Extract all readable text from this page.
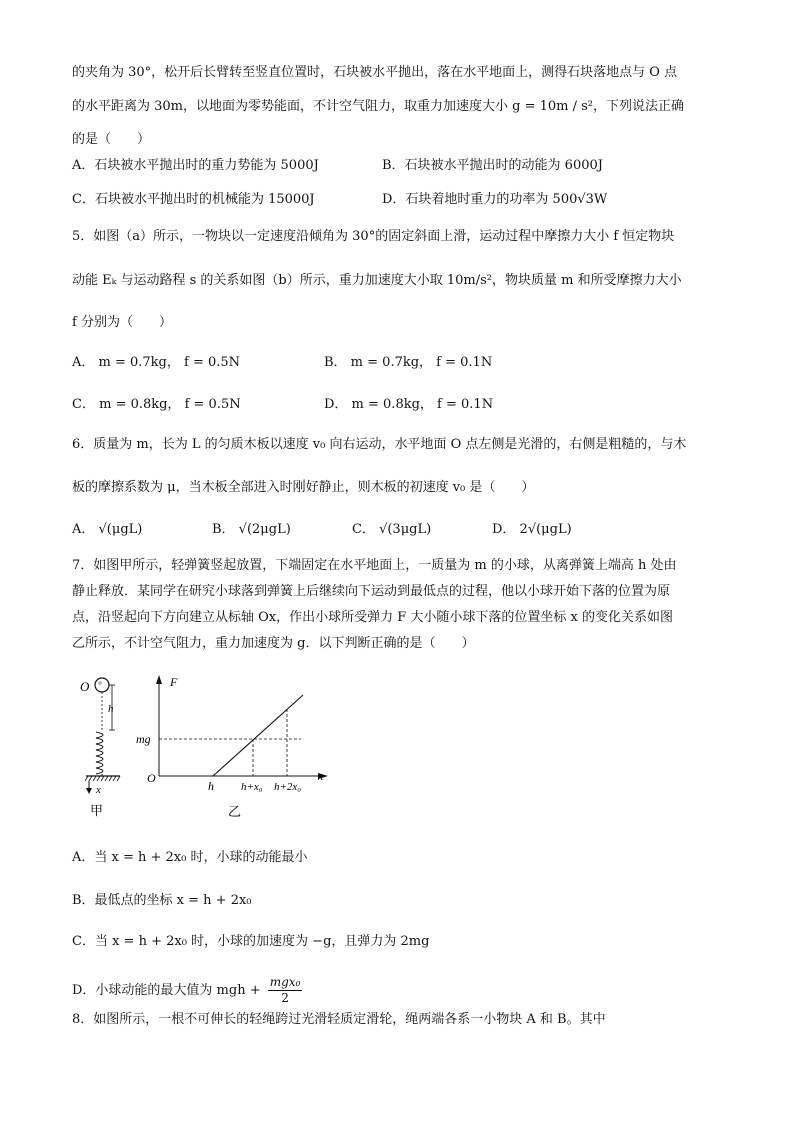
的夹角为 30°，松开后长臂转至竖直位置时，石块被水平抛出，落在水平地面上，测得石块落地点与 O 点
的水平距离为 30m，以地面为零势能面，不计空气阻力，取重力加速度大小 g = 10m / s²，下列说法正确
的是（　　）
A．石块被水平抛出时的重力势能为 5000J	B．石块被水平抛出时的动能为 6000J
C．石块被水平抛出时的机械能为 15000J	D．石块着地时重力的功率为 500√3W
5．如图（a）所示，一物块以一定速度沿倾角为 30°的固定斜面上滑，运动过程中摩擦力大小 f 恒定物块
动能 Eₖ 与运动路程 s 的关系如图（b）所示，重力加速度大小取 10m/s²，物块质量 m 和所受摩擦力大小
f 分别为（　　）
A． m = 0.7kg， f = 0.5N	B． m = 0.7kg， f = 0.1N
C． m = 0.8kg， f = 0.5N	D． m = 0.8kg， f = 0.1N
6．质量为 m，长为 L 的匀质木板以速度 v₀ 向右运动，水平地面 O 点左侧是光滑的，右侧是粗糙的，与木
板的摩擦系数为 μ，当木板全部进入时刚好静止，则木板的初速度 v₀ 是（　　）
A． √(μgL)	B． √(2μgL)	C． √(3μgL)	D． 2√(μgL)
7．如图甲所示，轻弹簧竖起放置，下端固定在水平地面上，一质量为 m 的小球，从离弹簧上端高 h 处由
静止释放．某同学在研究小球落到弹簧上后继续向下运动到最低点的过程，他以小球开始下落的位置为原
点，沿竖起向下方向建立从标轴 Ox，作出小球所受弹力 F 大小随小球下落的位置坐标 x 的变化关系如图
乙所示，不计空气阻力，重力加速度为 g．以下判断正确的是（　　）
O
h
x
甲
F
x
O
mg
h h+x₀ h+2x₀
乙
A．当 x = h + 2x₀ 时，小球的动能最小
B．最低点的坐标 x = h + 2x₀
C．当 x = h + 2x₀ 时，小球的加速度为 −g，且弹力为 2mg
D．小球动能的最大值为 mgh +
mgx₀
2
8．如图所示，一根不可伸长的轻绳跨过光滑轻质定滑轮，绳两端各系一小物块 A 和 B。其中
